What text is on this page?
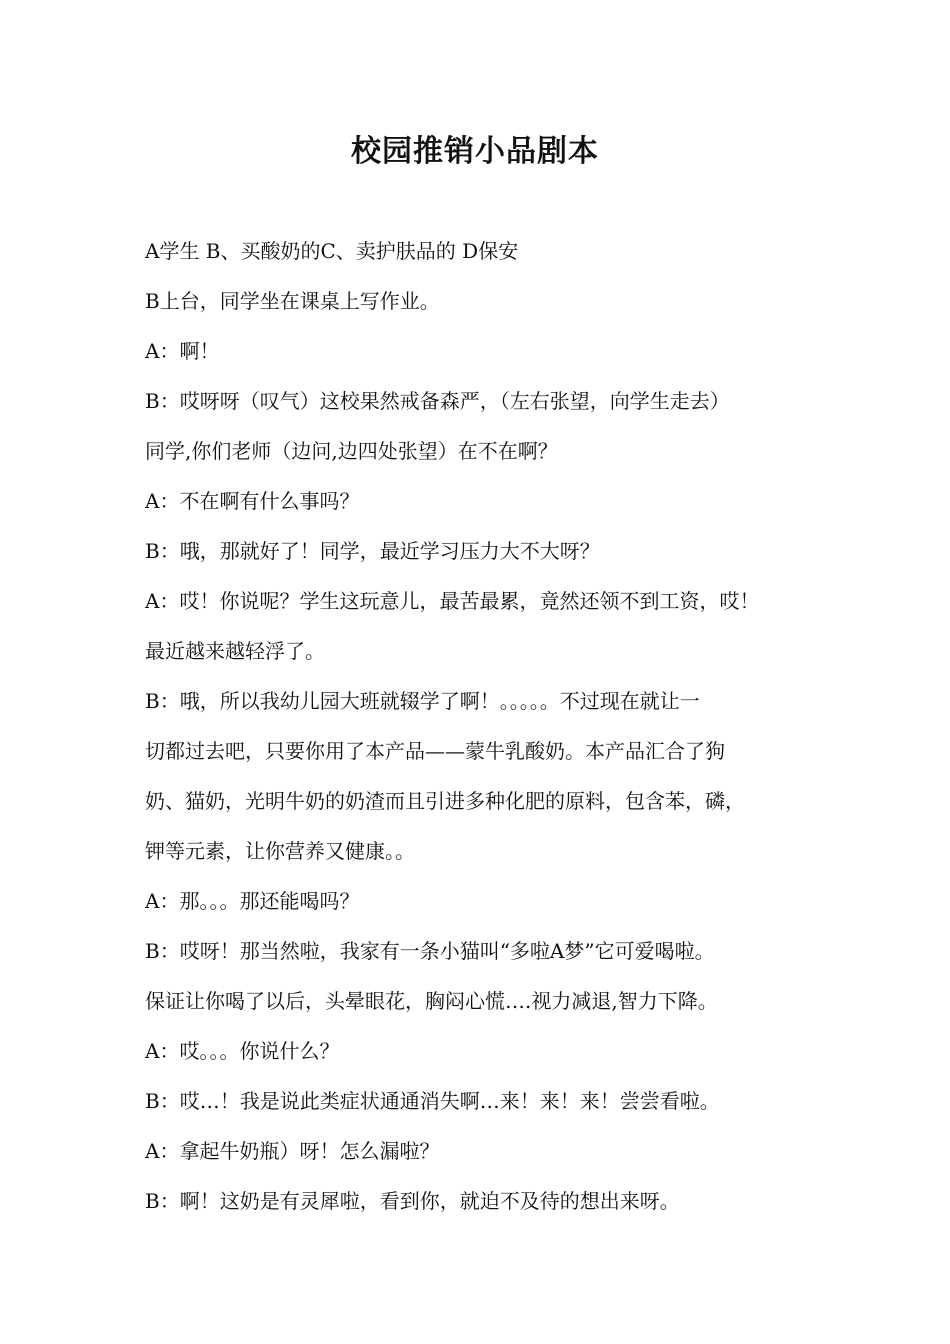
校园推销小品剧本
A学生 B、买酸奶的C、卖护肤品的 D保安
B上台，同学坐在课桌上写作业。
A：啊！
B：哎呀呀（叹气）这校果然戒备森严，（左右张望，向学生走去）
同学,你们老师（边问,边四处张望）在不在啊？
A：不在啊有什么事吗？
B：哦，那就好了！同学，最近学习压力大不大呀？
A：哎！你说呢？学生这玩意儿，最苦最累，竟然还领不到工资，哎！
最近越来越轻浮了。
B：哦，所以我幼儿园大班就辍学了啊！。。。。。不过现在就让一
切都过去吧，只要你用了本产品——蒙牛乳酸奶。本产品汇合了狗
奶、猫奶，光明牛奶的奶渣而且引进多种化肥的原料，包含苯，磷，
钾等元素，让你营养又健康。。
A：那。。。那还能喝吗？
B：哎呀！那当然啦，我家有一条小猫叫“多啦A梦”它可爱喝啦。
保证让你喝了以后，头晕眼花，胸闷心慌….视力减退,智力下降。
A：哎。。。你说什么？
B：哎…！我是说此类症状通通消失啊…来！来！来！尝尝看啦。
A：拿起牛奶瓶）呀！怎么漏啦？
B：啊！这奶是有灵犀啦，看到你，就迫不及待的想出来呀。
